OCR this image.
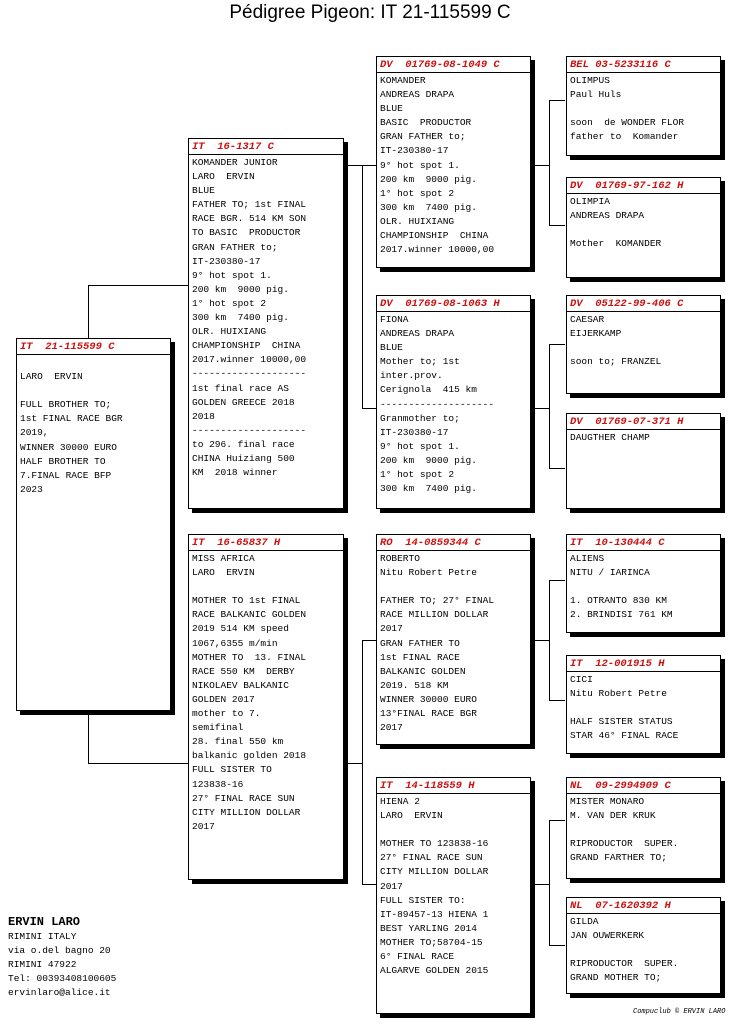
Pédigree Pigeon: IT 21-115599 C
IT  21-115599 C

LARO  ERVIN

FULL BROTHER TO;
1st FINAL RACE BGR
2019,
WINNER 30000 EURO
HALF BROTHER TO
7.FINAL RACE BFP
2023
IT  16-1317 C
KOMANDER JUNIOR
LARO  ERVIN
BLUE
FATHER TO; 1st FINAL
RACE BGR. 514 KM SON
TO BASIC  PRODUCTOR
GRAN FATHER to;
IT-230380-17
9° hot spot 1.
200 km  9000 pig.
1° hot spot 2
300 km  7400 pig.
OLR. HUIXIANG
CHAMPIONSHIP  CHINA
2017.winner 10000,00
--------------------
1st final race AS
GOLDEN GREECE 2018
2018
--------------------
to 296. final race
CHINA Huiziang 500
KM  2018 winner
IT  16-65837 H
MISS AFRICA
LARO  ERVIN

MOTHER TO 1st FINAL
RACE BALKANIC GOLDEN
2019 514 KM speed
1067,6355 m/min
MOTHER TO  13. FINAL
RACE 550 KM  DERBY
NIKOLAEV BALKANIC
GOLDEN 2017
mother to 7.
semifinal
28. final 550 km
balkanic golden 2018
FULL SISTER TO
123838-16
27° FINAL RACE SUN
CITY MILLION DOLLAR
2017
DV  01769-08-1049 C
KOMANDER
ANDREAS DRAPA
BLUE
BASIC  PRODUCTOR
GRAN FATHER to;
IT-230380-17
9° hot spot 1.
200 km  9000 pig.
1° hot spot 2
300 km  7400 pig.
OLR. HUIXIANG
CHAMPIONSHIP  CHINA
2017.winner 10000,00
DV  01769-08-1063 H
FIONA
ANDREAS DRAPA
BLUE
Mother to; 1st
inter.prov.
Cerignola  415 km
--------------------
Granmother to;
IT-230380-17
9° hot spot 1.
200 km  9000 pig.
1° hot spot 2
300 km  7400 pig.
RO  14-0859344 C
ROBERTO
Nitu Robert Petre

FATHER TO; 27° FINAL
RACE MILLION DOLLAR
2017
GRAN FATHER TO
1st FINAL RACE
BALKANIC GOLDEN
2019. 518 KM
WINNER 30000 EURO
13°FINAL RACE BGR
2017
IT  14-118559 H
HIENA 2
LARO  ERVIN

MOTHER TO 123838-16
27° FINAL RACE SUN
CITY MILLION DOLLAR
2017
FULL SISTER TO:
IT-89457-13 HIENA 1
BEST YARLING 2014
MOTHER TO;58704-15
6° FINAL RACE
ALGARVE GOLDEN 2015
BEL 03-5233116 C
OLIMPUS
Paul Huls

soon  de WONDER FLOR
father to  Komander
DV  01769-97-162 H
OLIMPIA
ANDREAS DRAPA

Mother  KOMANDER
DV  05122-99-406 C
CAESAR
EIJERKAMP

soon to; FRANZEL
DV  01769-07-371 H
DAUGTHER CHAMP
IT  10-130444 C
ALIENS
NITU / IARINCA

1. OTRANTO 830 KM
2. BRINDISI 761 KM
IT  12-001915 H
CICI
Nitu Robert Petre

HALF SISTER STATUS
STAR 46° FINAL RACE
NL  09-2994909 C
MISTER MONARO
M. VAN DER KRUK

RIPRODUCTOR  SUPER.
GRAND FARTHER TO;
NL  07-1620392 H
GILDA
JAN OUWERKERK

RIPRODUCTOR  SUPER.
GRAND MOTHER TO;
ERVIN LARO
RIMINI ITALY
via o.del bagno 20
RIMINI 47922
Tel: 00393408100605
ervinlaro@alice.it
Compuclub © ERVIN LARO
